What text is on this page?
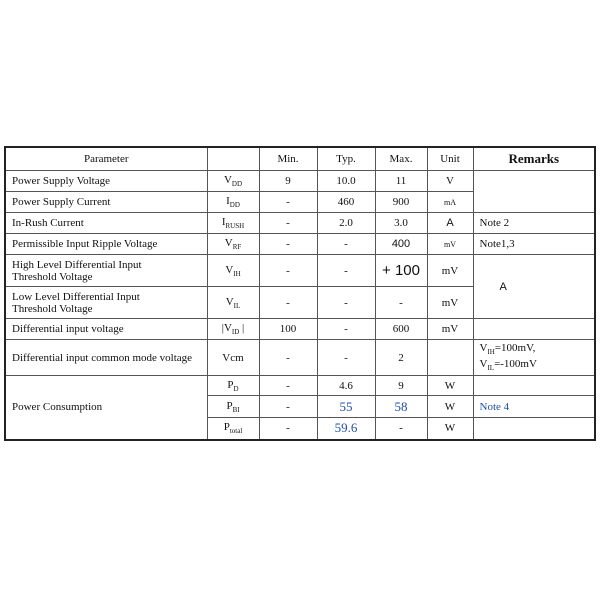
Parameter		Min.	Typ.	Max.	Unit	Remarks
Power Supply Voltage	$V_{DD}$	9	10.0	11	V	
Power Supply Current	$I_{DD}$	-	460	900	mA	
In-Rush Current	$I_{RUSH}$	-	2.0	3.0	A	Note 2
Permissible Input Ripple Voltage	$V_{RF}$	-	-	400	mV	Note1,3
High Level Differential Input
Threshold Voltage	$V_{IH}$	-	-	+ 100	mV	A
Low Level Differential Input
Threshold Voltage	$V_{IL}$	-	-	-	mV	
Differential input voltage	$|V_{ID}$ |	100	-	600	mV	
Differential input common mode voltage	Vcm	-	-	2		$V_{IH}=100mV$,
$V_{IL}=-100mV$
Power Consumption	$P_D$	-	4.6	9	W	
	$P_{BI}$	-	55	58	W	Note 4
	$P_{total}$	-	59.6	-	W	
